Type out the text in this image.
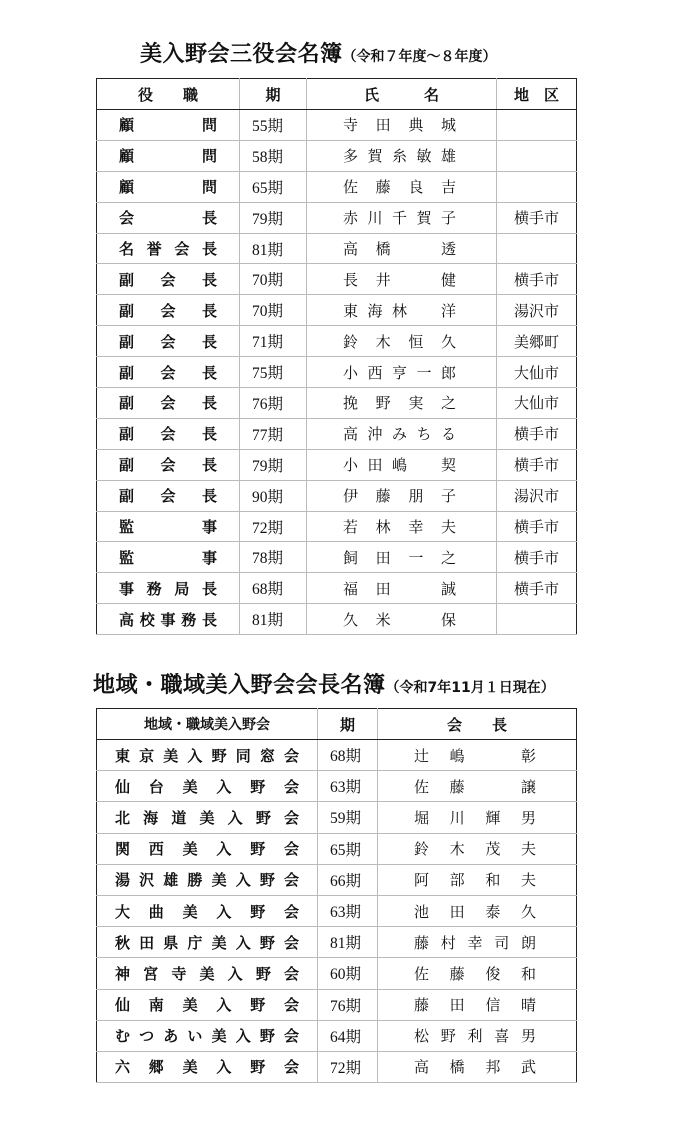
美入野会三役会名簿（令和７年度〜８年度）
役　　職	期	氏　　　名	地　区

顧問	55期	寺田典城	

顧問	58期	多賀糸敏雄	

顧問	65期	佐藤良吉	

会長	79期	赤川千賀子	横手市

名誉会長	81期	高橋　透	

副会長	70期	長井　健	横手市

副会長	70期	東海林　洋	湯沢市

副会長	71期	鈴木恒久	美郷町

副会長	75期	小西亨一郎	大仙市

副会長	76期	挽野実之	大仙市

副会長	77期	高沖みちる	横手市

副会長	79期	小田嶋　契	横手市

副会長	90期	伊藤朋子	湯沢市

監事	72期	若林幸夫	横手市

監事	78期	飼田一之	横手市

事務局長	68期	福田　誠	横手市

高校事務長	81期	久米　保	

地域・職域美入野会会長名簿（令和7年11月１日現在）
地域・職域美入野会	期	会　　長

東京美入野同窓会	68期	辻嶋　彰

仙台美入野会	63期	佐藤　譲

北海道美入野会	59期	堀川輝男

関西美入野会	65期	鈴木茂夫

湯沢雄勝美入野会	66期	阿部和夫

大曲美入野会	63期	池田泰久

秋田県庁美入野会	81期	藤村幸司朗

神宮寺美入野会	60期	佐藤俊和

仙南美入野会	76期	藤田信晴

むつあい美入野会	64期	松野利喜男

六郷美入野会	72期	高橋邦武
